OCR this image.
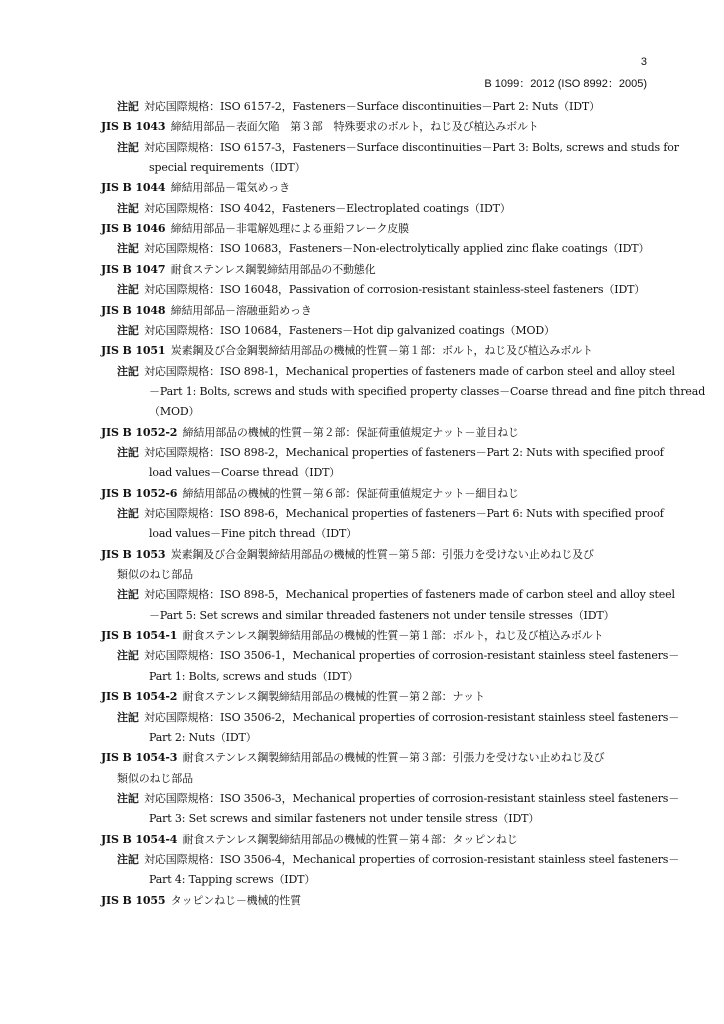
3
B 1099：2012 (ISO 8992：2005)
注記  対応国際規格：ISO 6157-2，Fasteners－Surface discontinuities－Part 2: Nuts（IDT）
JIS B 1043  締結用部品－表面欠陥　第３部　特殊要求のボルト，ねじ及び植込みボルト
注記  対応国際規格：ISO 6157-3，Fasteners－Surface discontinuities－Part 3: Bolts, screws and studs for
special requirements（IDT）
JIS B 1044  締結用部品－電気めっき
注記  対応国際規格：ISO 4042，Fasteners－Electroplated coatings（IDT）
JIS B 1046  締結用部品－非電解処理による亜鉛フレーク皮膜
注記  対応国際規格：ISO 10683，Fasteners－Non-electrolytically applied zinc flake coatings（IDT）
JIS B 1047  耐食ステンレス鋼製締結用部品の不動態化
注記  対応国際規格：ISO 16048，Passivation of corrosion-resistant stainless-steel fasteners（IDT）
JIS B 1048  締結用部品－溶融亜鉛めっき
注記  対応国際規格：ISO 10684，Fasteners－Hot dip galvanized coatings（MOD）
JIS B 1051  炭素鋼及び合金鋼製締結用部品の機械的性質－第１部：ボルト，ねじ及び植込みボルト
注記  対応国際規格：ISO 898-1，Mechanical properties of fasteners made of carbon steel and alloy steel
－Part 1: Bolts, screws and studs with specified property classes－Coarse thread and fine pitch thread
（MOD）
JIS B 1052-2  締結用部品の機械的性質－第２部：保証荷重値規定ナット－並目ねじ
注記  対応国際規格：ISO 898-2，Mechanical properties of fasteners－Part 2: Nuts with specified proof
load values－Coarse thread（IDT）
JIS B 1052-6  締結用部品の機械的性質－第６部：保証荷重値規定ナット－細目ねじ
注記  対応国際規格：ISO 898-6，Mechanical properties of fasteners－Part 6: Nuts with specified proof
load values－Fine pitch thread（IDT）
JIS B 1053  炭素鋼及び合金鋼製締結用部品の機械的性質－第５部：引張力を受けない止めねじ及び
類似のねじ部品
注記  対応国際規格：ISO 898-5，Mechanical properties of fasteners made of carbon steel and alloy steel
－Part 5: Set screws and similar threaded fasteners not under tensile stresses（IDT）
JIS B 1054-1  耐食ステンレス鋼製締結用部品の機械的性質－第１部：ボルト，ねじ及び植込みボルト
注記  対応国際規格：ISO 3506-1，Mechanical properties of corrosion-resistant stainless steel fasteners－
Part 1: Bolts, screws and studs（IDT）
JIS B 1054-2  耐食ステンレス鋼製締結用部品の機械的性質－第２部：ナット
注記  対応国際規格：ISO 3506-2，Mechanical properties of corrosion-resistant stainless steel fasteners－
Part 2: Nuts（IDT）
JIS B 1054-3  耐食ステンレス鋼製締結用部品の機械的性質－第３部：引張力を受けない止めねじ及び
類似のねじ部品
注記  対応国際規格：ISO 3506-3，Mechanical properties of corrosion-resistant stainless steel fasteners－
Part 3: Set screws and similar fasteners not under tensile stress（IDT）
JIS B 1054-4  耐食ステンレス鋼製締結用部品の機械的性質－第４部：タッピンねじ
注記  対応国際規格：ISO 3506-4，Mechanical properties of corrosion-resistant stainless steel fasteners－
Part 4: Tapping screws（IDT）
JIS B 1055  タッピンねじ－機械的性質
